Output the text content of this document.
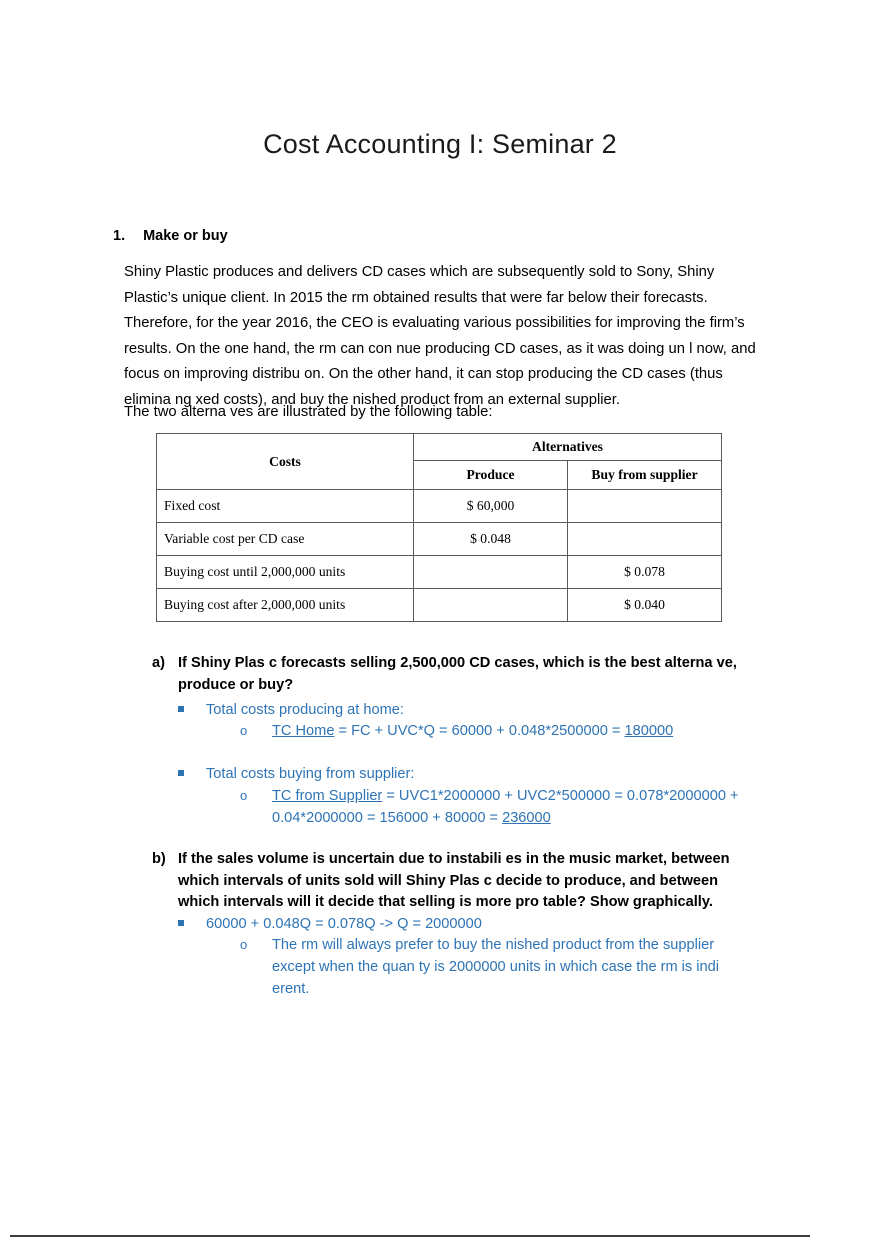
Cost Accounting I: Seminar 2
1. Make or buy
Shiny Plastic produces and delivers CD cases which are subsequently sold to Sony, Shiny Plastic’s unique client. In 2015 the rm obtained results that were far below their forecasts. Therefore, for the year 2016, the CEO is evaluating various possibilities for improving the firm’s results. On the one hand, the rm can con nue producing CD cases, as it was doing un l now, and focus on improving distribu on. On the other hand, it can stop producing the CD cases (thus elimina ng xed costs), and buy the nished product from an external supplier.
The two alterna ves are illustrated by the following table:
Costs	Alternatives	
	Produce	Buy from supplier
Fixed cost	$ 60,000	
Variable cost per CD case	$ 0.048	
Buying cost until 2,000,000 units		$ 0.078
Buying cost after 2,000,000 units		$ 0.040
a) If Shiny Plas c forecasts selling 2,500,000 CD cases, which is the best alterna ve, produce or buy?
Total costs producing at home:
o	TC Home = FC + UVC*Q = 60000 + 0.048*2500000 = 180000
Total costs buying from supplier:
o	TC from Supplier = UVC1*2000000 + UVC2*500000 = 0.078*2000000 + 0.04*2000000 = 156000 + 80000 = 236000
b) If the sales volume is uncertain due to instabili es in the music market, between which intervals of units sold will Shiny Plas c decide to produce, and between which intervals will it decide that selling is more pro table? Show graphically.
60000 + 0.048Q = 0.078Q -> Q = 2000000
o	The rm will always prefer to buy the nished product from the supplier except when the quan ty is 2000000 units in which case the rm is indi erent.
